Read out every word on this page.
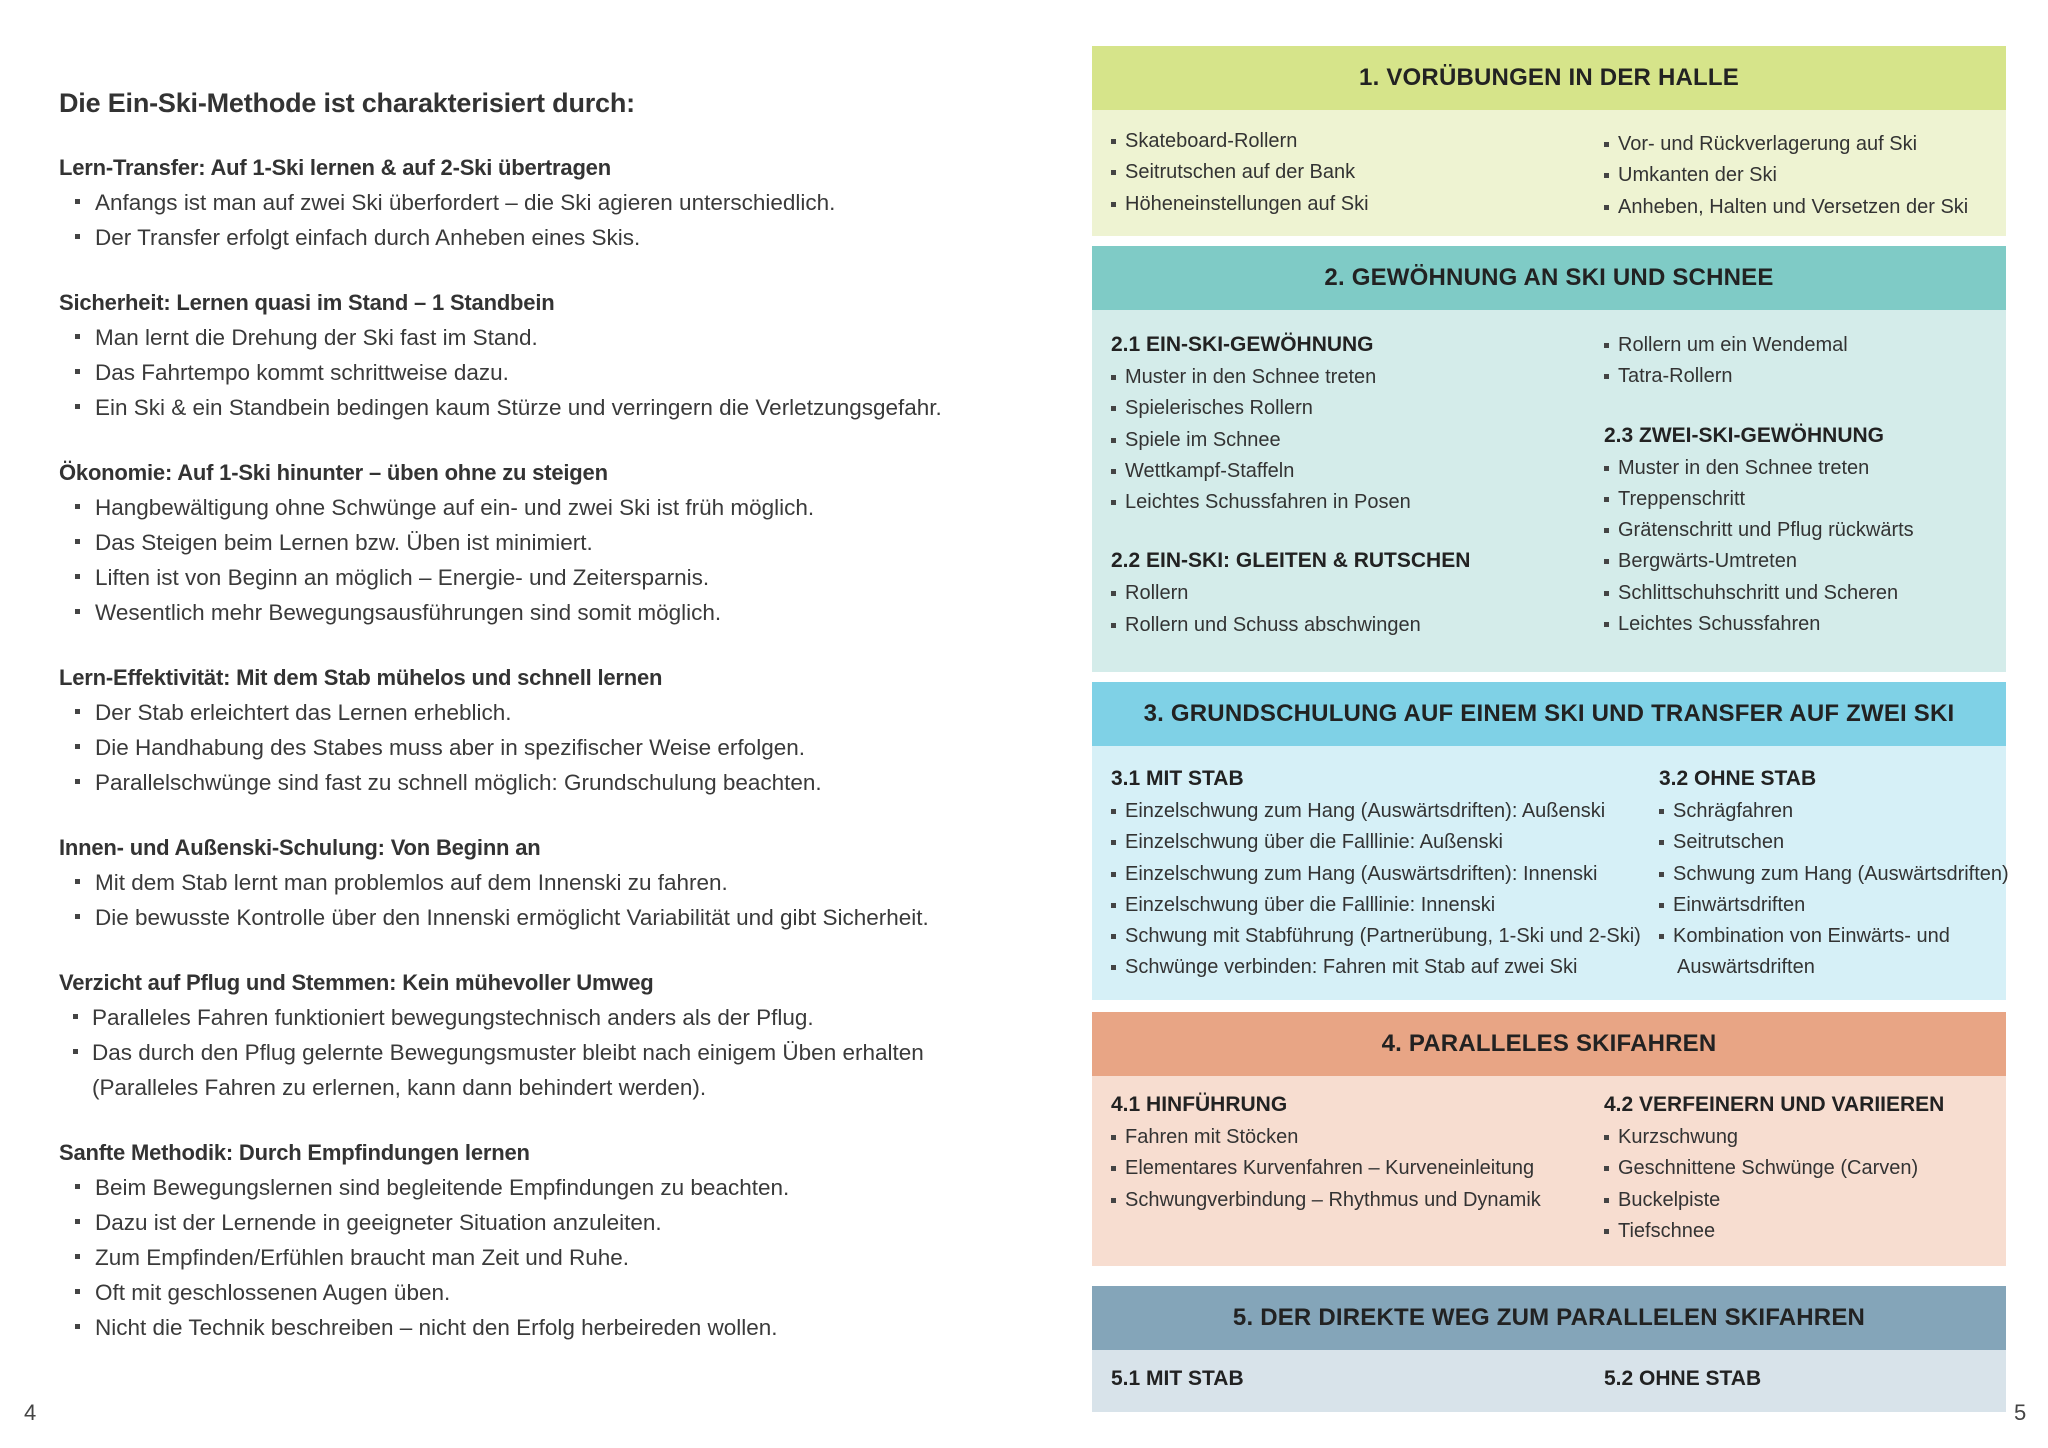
Die Ein-Ski-Methode ist charakterisiert durch:
Lern-Transfer: Auf 1-Ski lernen & auf 2-Ski übertragen
Anfangs ist man auf zwei Ski überfordert – die Ski agieren unterschiedlich.
Der Transfer erfolgt einfach durch Anheben eines Skis.
Sicherheit: Lernen quasi im Stand – 1 Standbein
Man lernt die Drehung der Ski fast im Stand.
Das Fahrtempo kommt schrittweise dazu.
Ein Ski & ein Standbein bedingen kaum Stürze und verringern die Verletzungsgefahr.
Ökonomie: Auf 1-Ski hinunter – üben ohne zu steigen
Hangbewältigung ohne Schwünge auf ein- und zwei Ski ist früh möglich.
Das Steigen beim Lernen bzw. Üben ist minimiert.
Liften ist von Beginn an möglich – Energie- und Zeitersparnis.
Wesentlich mehr Bewegungsausführungen sind somit möglich.
Lern-Effektivität: Mit dem Stab mühelos und schnell lernen
Der Stab erleichtert das Lernen erheblich.
Die Handhabung des Stabes muss aber in spezifischer Weise erfolgen.
Parallelschwünge sind fast zu schnell möglich: Grundschulung beachten.
Innen- und Außenski-Schulung: Von Beginn an
Mit dem Stab lernt man problemlos auf dem Innenski zu fahren.
Die bewusste Kontrolle über den Innenski ermöglicht Variabilität und gibt Sicherheit.
Verzicht auf Pflug und Stemmen: Kein mühevoller Umweg
Paralleles Fahren funktioniert bewegungstechnisch anders als der Pflug.
Das durch den Pflug gelernte Bewegungsmuster bleibt nach einigem Üben erhalten
(Paralleles Fahren zu erlernen, kann dann behindert werden).
Sanfte Methodik: Durch Empfindungen lernen
Beim Bewegungslernen sind begleitende Empfindungen zu beachten.
Dazu ist der Lernende in geeigneter Situation anzuleiten.
Zum Empfinden/Erfühlen braucht man Zeit und Ruhe.
Oft mit geschlossenen Augen üben.
Nicht die Technik beschreiben – nicht den Erfolg herbeireden wollen.
4
1. VORÜBUNGEN IN DER HALLE
Skateboard-Rollern
Seitrutschen auf der Bank
Höheneinstellungen auf Ski
Vor- und Rückverlagerung auf Ski
Umkanten der Ski
Anheben, Halten und Versetzen der Ski
2. GEWÖHNUNG AN SKI UND SCHNEE
2.1 EIN-SKI-GEWÖHNUNG
Muster in den Schnee treten
Spielerisches Rollern
Spiele im Schnee
Wettkampf-Staffeln
Leichtes Schussfahren in Posen
2.2 EIN-SKI: GLEITEN & RUTSCHEN
Rollern
Rollern und Schuss abschwingen
Rollern um ein Wendemal
Tatra-Rollern
2.3 ZWEI-SKI-GEWÖHNUNG
Muster in den Schnee treten
Treppenschritt
Grätenschritt und Pflug rückwärts
Bergwärts-Umtreten
Schlittschuhschritt und Scheren
Leichtes Schussfahren
3. GRUNDSCHULUNG AUF EINEM SKI UND TRANSFER AUF ZWEI SKI
3.1 MIT STAB
Einzelschwung zum Hang (Auswärtsdriften): Außenski
Einzelschwung über die Falllinie: Außenski
Einzelschwung zum Hang (Auswärtsdriften): Innenski
Einzelschwung über die Falllinie: Innenski
Schwung mit Stabführung (Partnerübung, 1-Ski und 2-Ski)
Schwünge verbinden: Fahren mit Stab auf zwei Ski
3.2 OHNE STAB
Schrägfahren
Seitrutschen
Schwung zum Hang (Auswärtsdriften)
Einwärtsdriften
Kombination von Einwärts- und
Auswärtsdriften
4. PARALLELES SKIFAHREN
4.1 HINFÜHRUNG
Fahren mit Stöcken
Elementares Kurvenfahren – Kurveneinleitung
Schwungverbindung – Rhythmus und Dynamik
4.2 VERFEINERN UND VARIIEREN
Kurzschwung
Geschnittene Schwünge (Carven)
Buckelpiste
Tiefschnee
5. DER DIREKTE WEG ZUM PARALLELEN SKIFAHREN
5.1 MIT STAB	5.2 OHNE STAB
5
